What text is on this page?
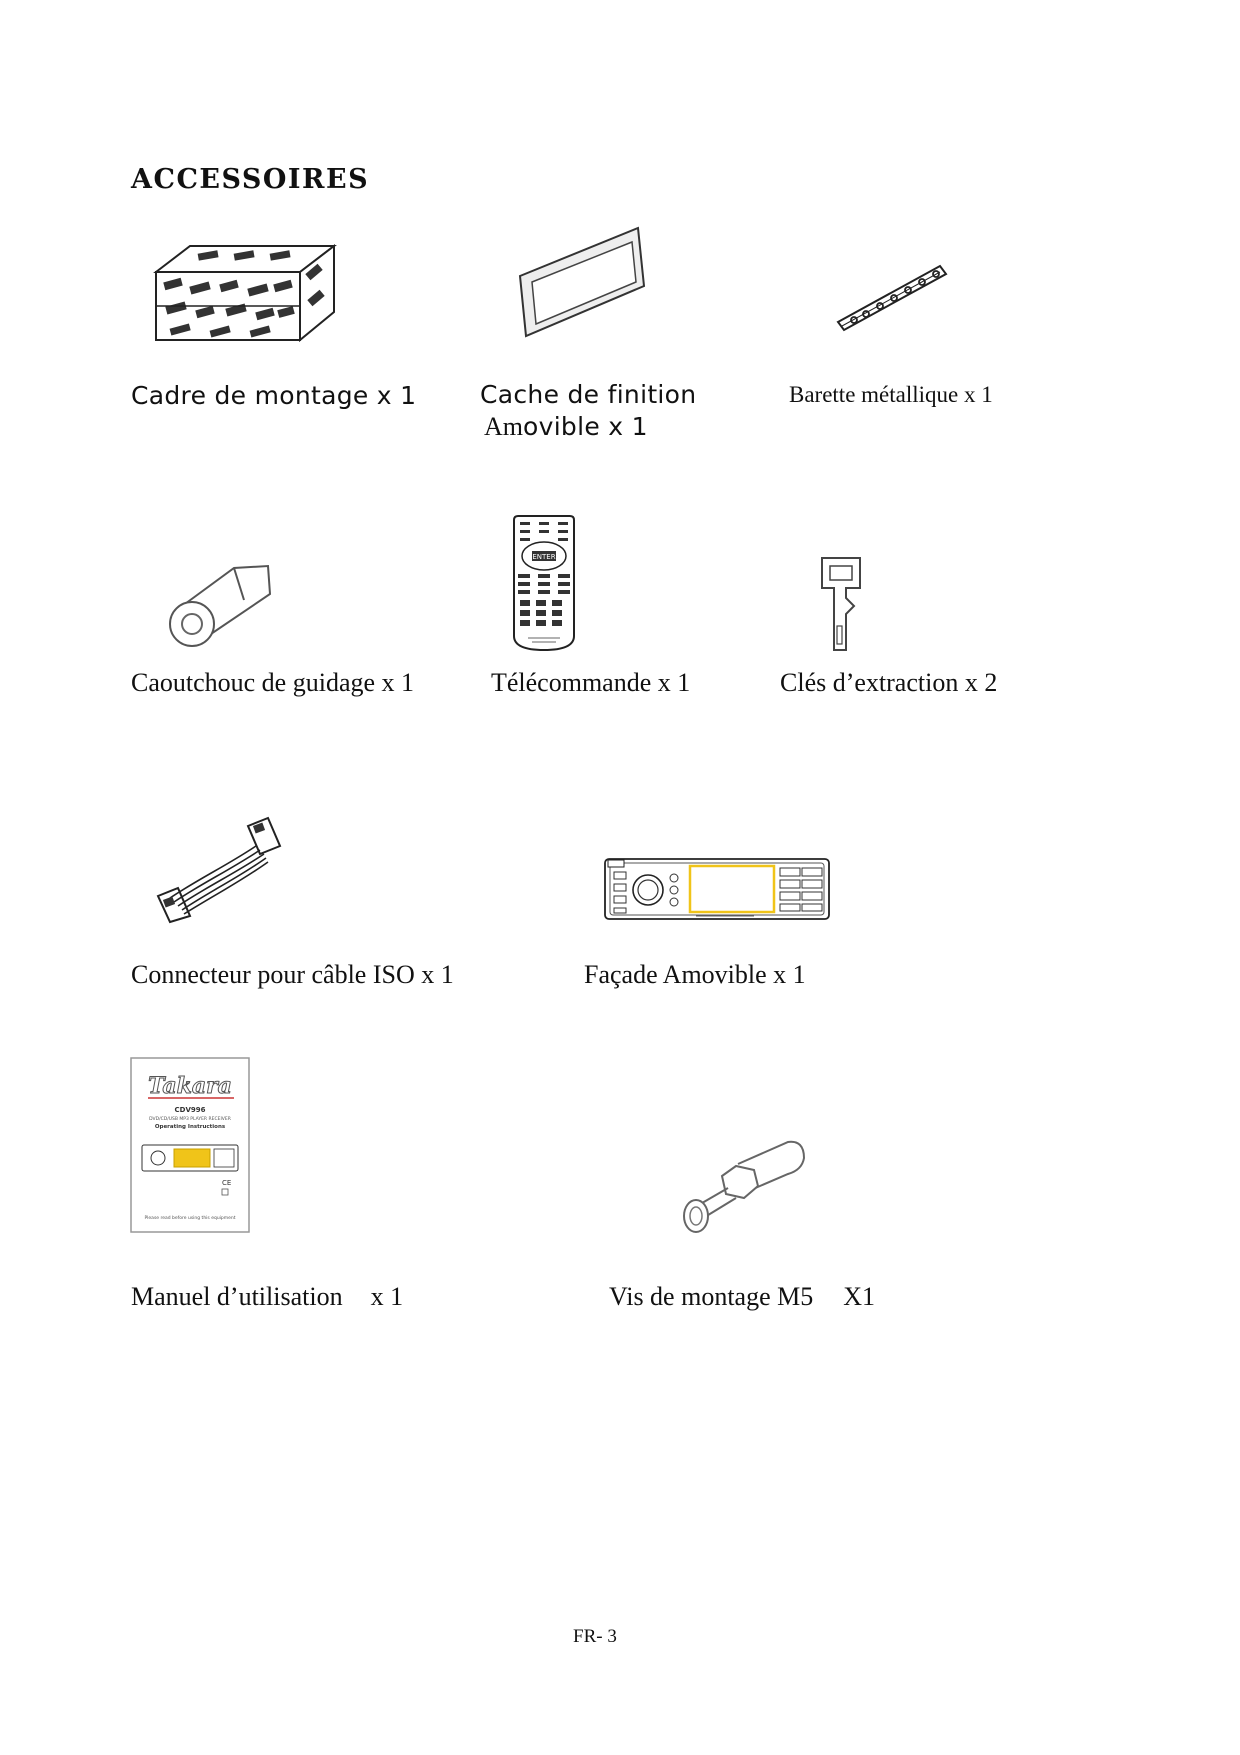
ACCESSOIRES
Cadre de montage x 1	Cache de finition
Amovible x 1
Barette métallique x 1
Caoutchouc de guidage x 1
ENTER
Télécommande x 1	Clés d’extraction x 2
Connecteur pour câble ISO x 1	Façade Amovible x 1
Takara
CDV996
DVD/CD/USB MP3 PLAYER RECEIVER
Operating Instructions
CE
Please read before using this equipment
Manuel d’utilisation x 1	Vis de montage M5 X1
FR- 3
